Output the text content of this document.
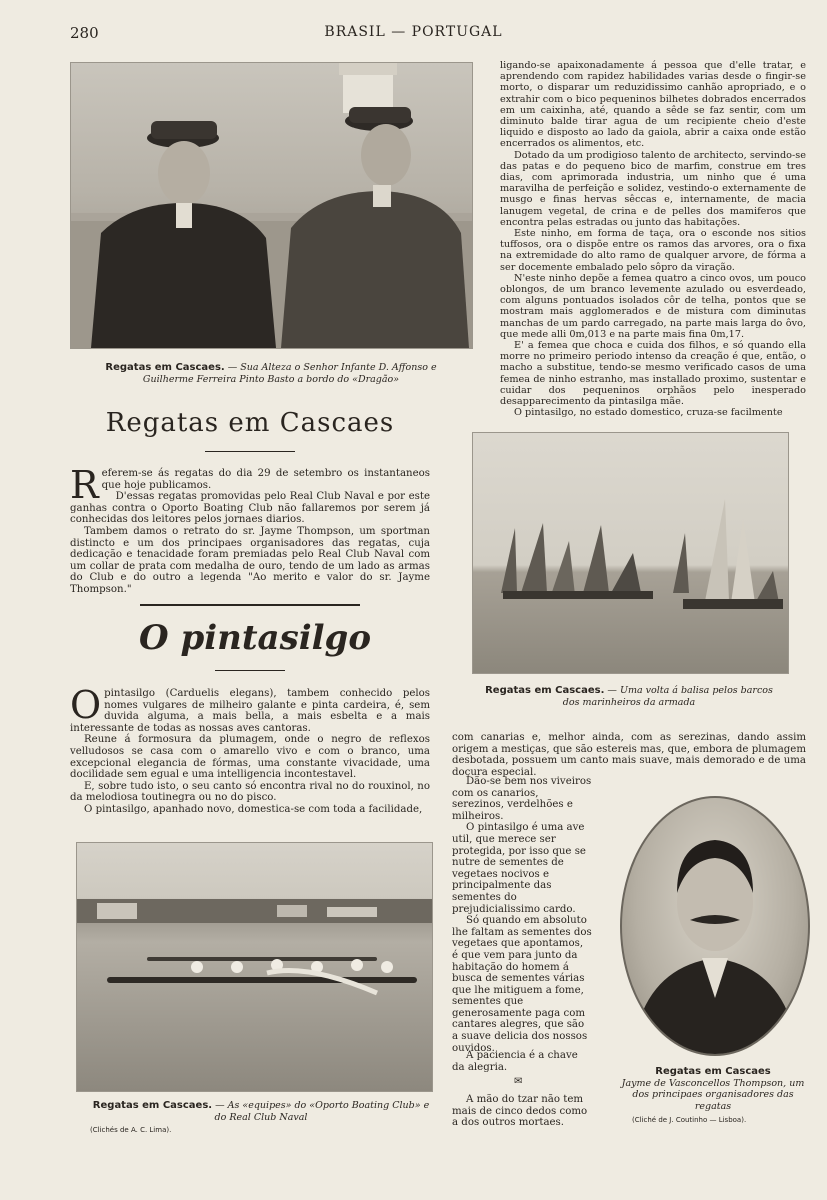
280	BRASIL — PORTUGAL
Regatas em Cascaes. — Sua Alteza o Senhor Infante D. Affonso e Guilherme Ferreira Pinto Basto a bordo do «Dragão»
Regatas em Cascaes
R eferem-se ás regatas do dia 29 de setembro os instantaneos que hoje publicamos.

D'essas regatas promovidas pelo Real Club Naval e por este ganhas contra o Oporto Boating Club não fallaremos por serem já conhecidas dos leitores pelos jornaes diarios.

Tambem damos o retrato do sr. Jayme Thompson, um sportman distincto e um dos principaes organisadores das regatas, cuja dedicação e tenacidade foram premiadas pelo Real Club Naval com um collar de prata com medalha de ouro, tendo de um lado as armas do Club e do outro a legenda "Ao merito e valor do sr. Jayme Thompson."

O pintasilgo
O pintasilgo (Carduelis elegans), tambem conhecido pelos nomes vulgares de milheiro galante e pinta cardeira, é, sem duvida alguma, a mais bella, a mais esbelta e a mais interessante de todas as nossas aves cantoras.

Reune á formosura da plumagem, onde o negro de reflexos velludosos se casa com o amarello vivo e com o branco, uma excepcional elegancia de fórmas, uma constante vivacidade, uma docilidade sem egual e uma intelligencia incontestavel.

E, sobre tudo isto, o seu canto só encontra rival no do rouxinol, no da melodiosa toutinegra ou no do pisco.

O pintasilgo, apanhado novo, domestica-se com toda a facilidade,

ligando-se apaixonadamente á pessoa que d'elle tratar, e aprendendo com rapidez habilidades varias desde o fingir-se morto, o disparar um reduzidissimo canhão apropriado, e o extrahir com o bico pequeninos bilhetes dobrados encerrados em um caixinha, até, quando a sêde se faz sentir, com um diminuto balde tirar agua de um recipiente cheio d'este liquido e disposto ao lado da gaiola, abrir a caixa onde estão encerrados os alimentos, etc.

Dotado da um prodigioso talento de architecto, servindo-se das patas e do pequeno bico de marfim, construe em tres dias, com aprimorada industria, um ninho que é uma maravilha de perfeição e solidez, vestindo-o externamente de musgo e finas hervas sêccas e, internamente, de macia lanugem vegetal, de crina e de pelles dos mamiferos que encontra pelas estradas ou junto das habitações.

Este ninho, em forma de taça, ora o esconde nos sitios tuffosos, ora o dispõe entre os ramos das arvores, ora o fixa na extremidade do alto ramo de qualquer arvore, de fórma a ser docemente embalado pelo sôpro da viração.

N'este ninho depõe a femea quatro a cinco ovos, um pouco oblongos, de um branco levemente azulado ou esverdeado, com alguns pontuados isolados côr de telha, pontos que se mostram mais agglomerados e de mistura com diminutas manchas de um pardo carregado, na parte mais larga do ôvo, que mede alli 0m,013 e na parte mais fina 0m,17.

E' a femea que choca e cuida dos filhos, e só quando ella morre no primeiro periodo intenso da creação é que, então, o macho a substitue, tendo-se mesmo verificado casos de uma femea de ninho estranho, mas installado proximo, sustentar e cuidar dos pequeninos orphãos pelo inesperado desapparecimento da pintasilga mãe.

O pintasilgo, no estado domestico, cruza-se facilmente

Regatas em Cascaes. — Uma volta á balisa pelos barcos dos marinheiros da armada

com canarias e, melhor ainda, com as serezinas, dando assim origem a mestiças, que são estereis mas, que, embora de plumagem desbotada, possuem um canto mais suave, mais demorado e de uma doçura especial.

Dão-se bem nos viveiros com os canarios, serezinos, verdelhões e milheiros.

O pintasilgo é uma ave util, que merece ser protegida, por isso que se nutre de sementes de vegetaes nocivos e principalmente das sementes do prejudicialissimo cardo.

Só quando em absoluto lhe faltam as sementes dos vegetaes que apontamos, é que vem para junto da habitação do homem á busca de sementes várias que lhe mitiguem a fome, sementes que generosamente paga com cantares alegres, que são a suave delicia dos nossos ouvidos.

A paciencia é a chave da alegria.

✉

A mão do tzar não tem mais de cinco dedos como a dos outros mortaes.

Regatas em Cascaes. — As «equipes» do «Oporto Boating Club» e do Real Club Naval
(Clichés de A. C. Lima).
Regatas em Cascaes
Jayme de Vasconcellos Thompson, um dos principaes organisadores das regatas
(Cliché de J. Coutinho — Lisboa).
